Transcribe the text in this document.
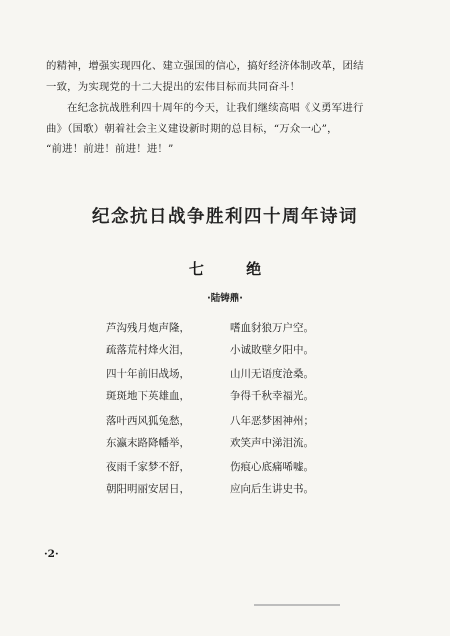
的精神，增强实现四化、建立强国的信心，搞好经济体制改革，团结
一致，为实现党的十二大提出的宏伟目标而共同奋斗！

在纪念抗战胜利四十周年的今天，让我们继续高唱《义勇军进行
曲》（国歌）朝着社会主义建设新时期的总目标，“万众一心”，
“前进！前进！前进！进！”

纪念抗日战争胜利四十周年诗词
七	绝
·陆铸鼎·
芦沟残月炮声隆，	嗜血豺狼万户空。
疏落荒村烽火泪，	小诚敗壁夕阳中。
四十年前旧战场，	山川无语度沧桑。
斑斑地下英雄血，	争得千秋幸福光。
落叶西风狐兔愁，	八年恶梦困神州；
东瀛末路降幡举，	欢笑声中涕泪流。
夜雨千家梦不舒，	伤痕心底痛唏嘘。
朝阳明丽安居日，	应向后生讲史书。
·2·
